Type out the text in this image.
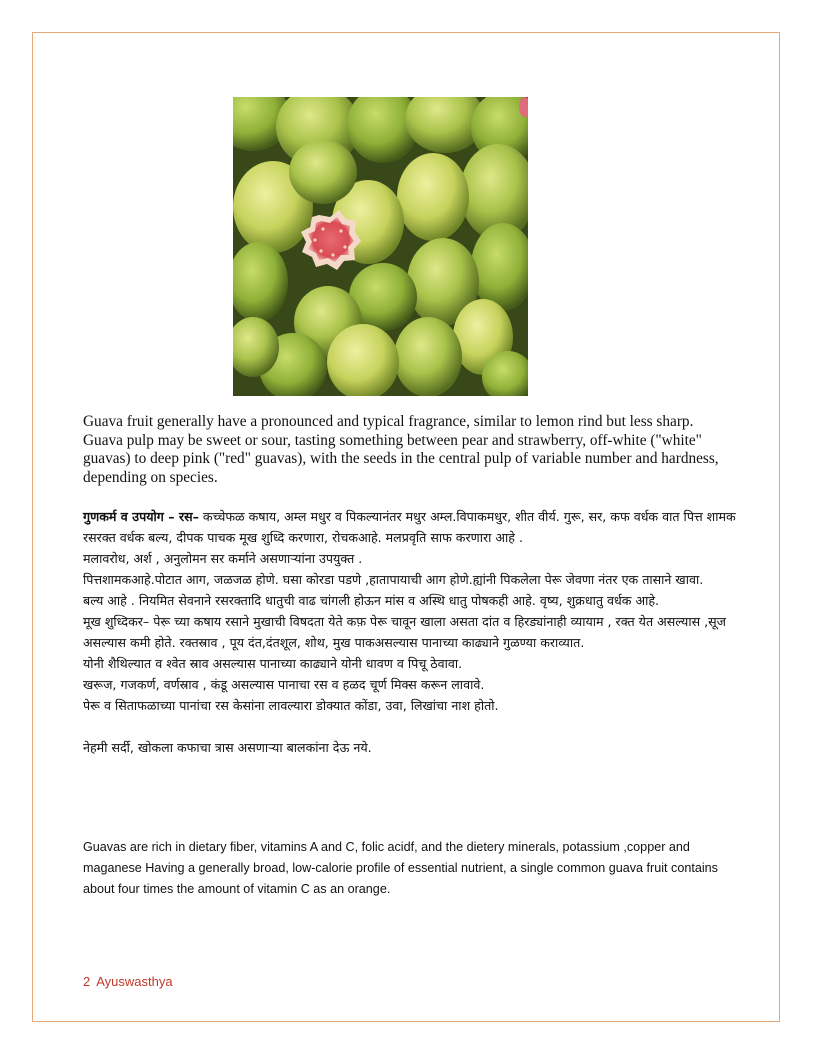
Guava fruit generally have a pronounced and typical fragrance, similar to lemon rind but less sharp. Guava pulp may be sweet or sour, tasting something between pear and strawberry, off-white ("white" guavas) to deep pink ("red" guavas), with the seeds in the central pulp of variable number and hardness, depending on species.

गुणकर्म व उपयोग – रस– कच्चेफळ कषाय, अम्ल मधुर व पिकल्यानंतर मधुर अम्ल.विपाकमधुर, शीत वीर्य. गुरू, सर, कफ वर्धक वात पित्त शामक रसरक्त वर्धक बल्य, दीपक पाचक मूख शुध्दि करणारा, रोचकआहे. मलप्रवृति साफ करणारा आहे .

मलावरोध, अर्श , अनुलोमन सर कर्माने असणाऱ्यांना उपयुक्त .

पित्तशामकआहे.पोटात आग, जळजळ होणे. घसा कोरडा पडणे ,हातापायाची आग होणे.ह्यांनी पिकलेला पेरू जेवणा नंतर एक तासाने खावा.

बल्य आहे . नियमित सेवनाने रसरक्तादि धातुची वाढ चांगली होऊन मांस व अस्थि धातु पोषकही आहे. वृष्य, शुक्रधातु वर्धक आहे.

मूख शुध्दिकर– पेरू च्या कषाय रसाने मुखाची विषदता येते कफ़ पेरू चावून खाला असता दांत व हिरड्यांनाही व्यायाम , रक्त येत असल्यास ,सूज असल्यास कमी होते. रक्तस्राव , पूय दंत,दंतशूल, शोथ, मुख पाकअसल्यास पानाच्या काढ्याने गुळण्या कराव्यात.

योनी शैथिल्यात व श्वेत स्राव असल्यास पानाच्या काढ्याने योनी धावण व पिचू ठेवावा.

खरूज, गजकर्ण, वर्णस्राव , कंडू असल्यास पानाचा रस व हळद चूर्ण मिक्स करून लावावे.

पेरू व सिताफळाच्या पानांचा रस केसांना लावल्यारा डोक्यात कोंडा, उवा, लिखांचा नाश होतो.

नेहमी सर्दी, खोकला कफाचा त्रास असणाऱ्या बालकांना देऊ नये.

Guavas are rich in dietary fiber, vitamins A and C, folic acidf, and the dietery minerals, potassium ,copper and maganese Having a generally broad, low-calorie profile of essential nutrient, a single common guava fruit contains about four times the amount of vitamin C as an orange.

2 Ayuswasthya
